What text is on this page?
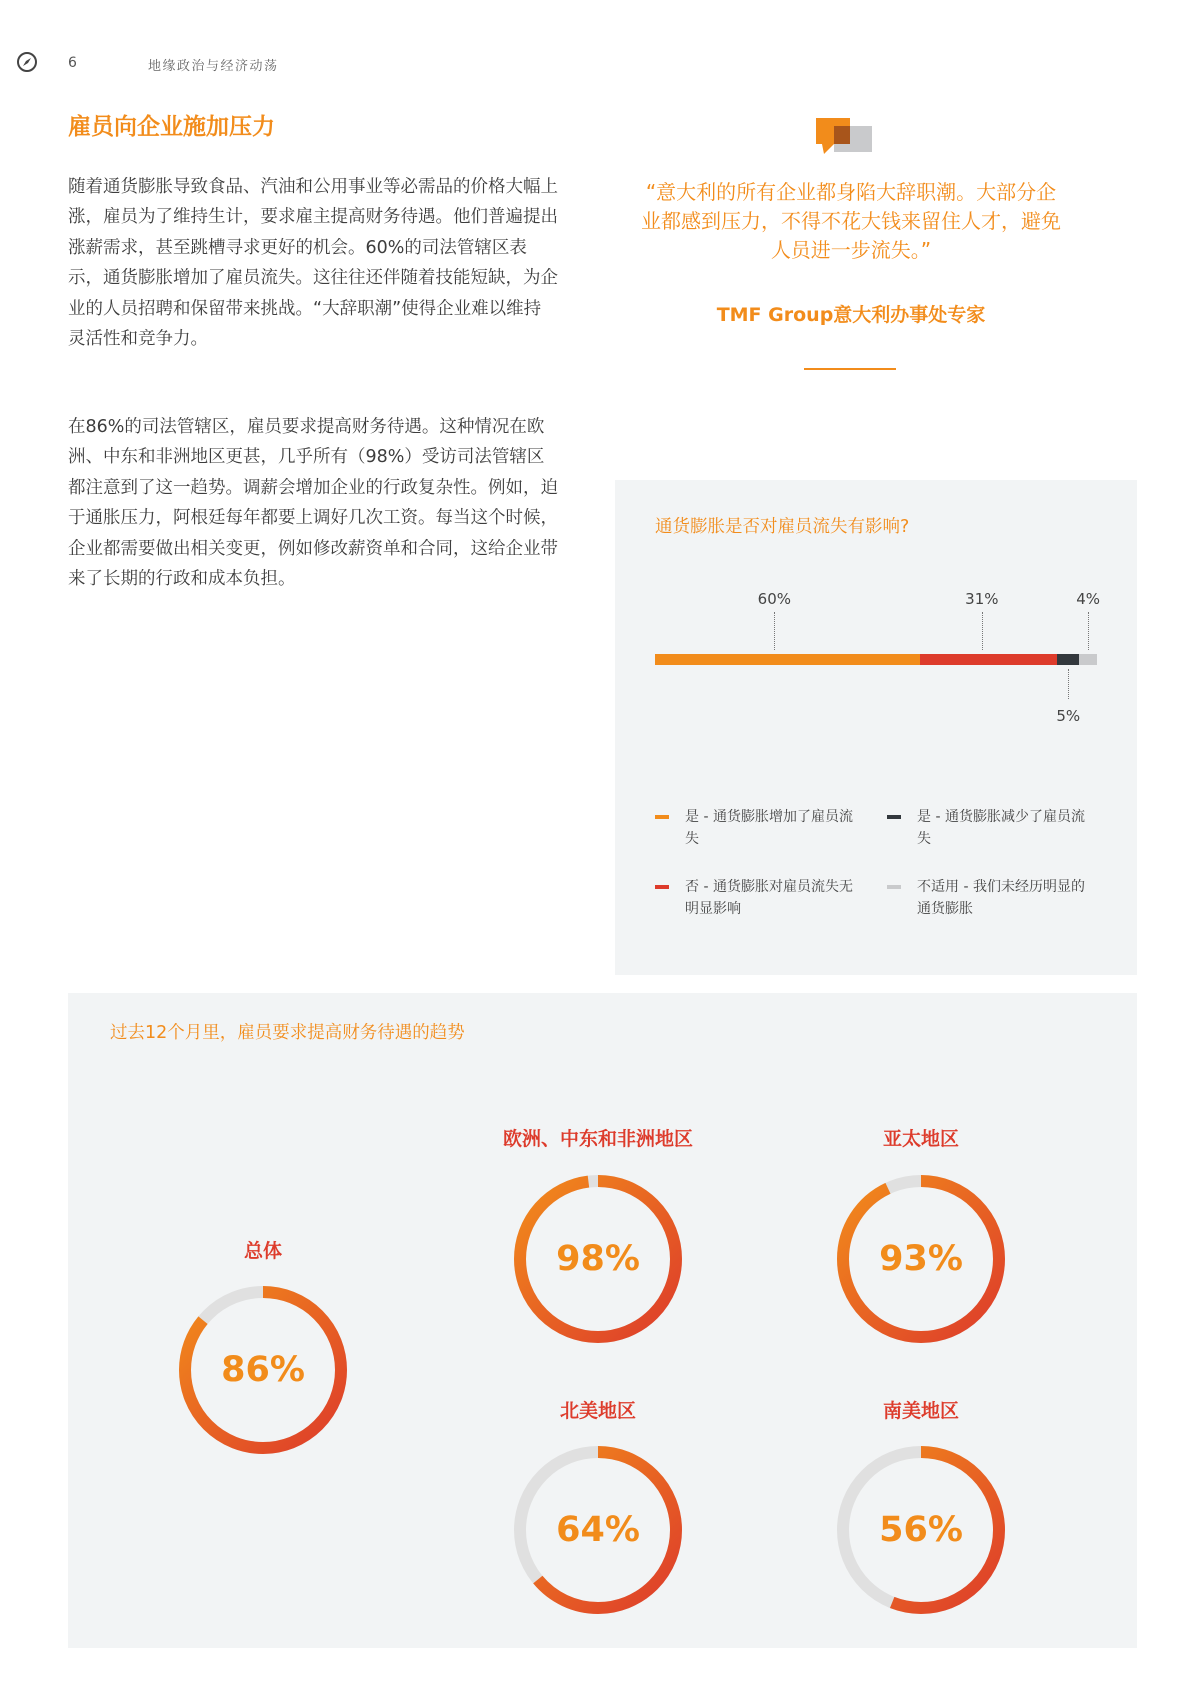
6	地缘政治与经济动荡
雇员向企业施加压力
随着通货膨胀导致食品、汽油和公用事业等必需品的价格大幅上涨，雇员为了维持生计，要求雇主提高财务待遇。他们普遍提出涨薪需求，甚至跳槽寻求更好的机会。60%的司法管辖区表示，通货膨胀增加了雇员流失。这往往还伴随着技能短缺，为企业的人员招聘和保留带来挑战。“大辞职潮”使得企业难以维持灵活性和竞争力。
在86%的司法管辖区，雇员要求提高财务待遇。这种情况在欧洲、中东和非洲地区更甚，几乎所有（98%）受访司法管辖区都注意到了这一趋势。调薪会增加企业的行政复杂性。例如，迫于通胀压力，阿根廷每年都要上调好几次工资。每当这个时候，企业都需要做出相关变更，例如修改薪资单和合同，这给企业带来了长期的行政和成本负担。
“意大利的所有企业都身陷大辞职潮。大部分企业都感到压力，不得不花大钱来留住人才，避免人员进一步流失。”
TMF Group意大利办事处专家
通货膨胀是否对雇员流失有影响?
60%	31%
5%
4%
是 - 通货膨胀增加了雇员流失
是 - 通货膨胀减少了雇员流失
否 - 通货膨胀对雇员流失无明显影响
不适用 - 我们未经历明显的通货膨胀
过去12个月里，雇员要求提高财务待遇的趋势
总体
86%
欧洲、中东和非洲地区
98%
亚太地区
93%
北美地区
64%
南美地区
56%
